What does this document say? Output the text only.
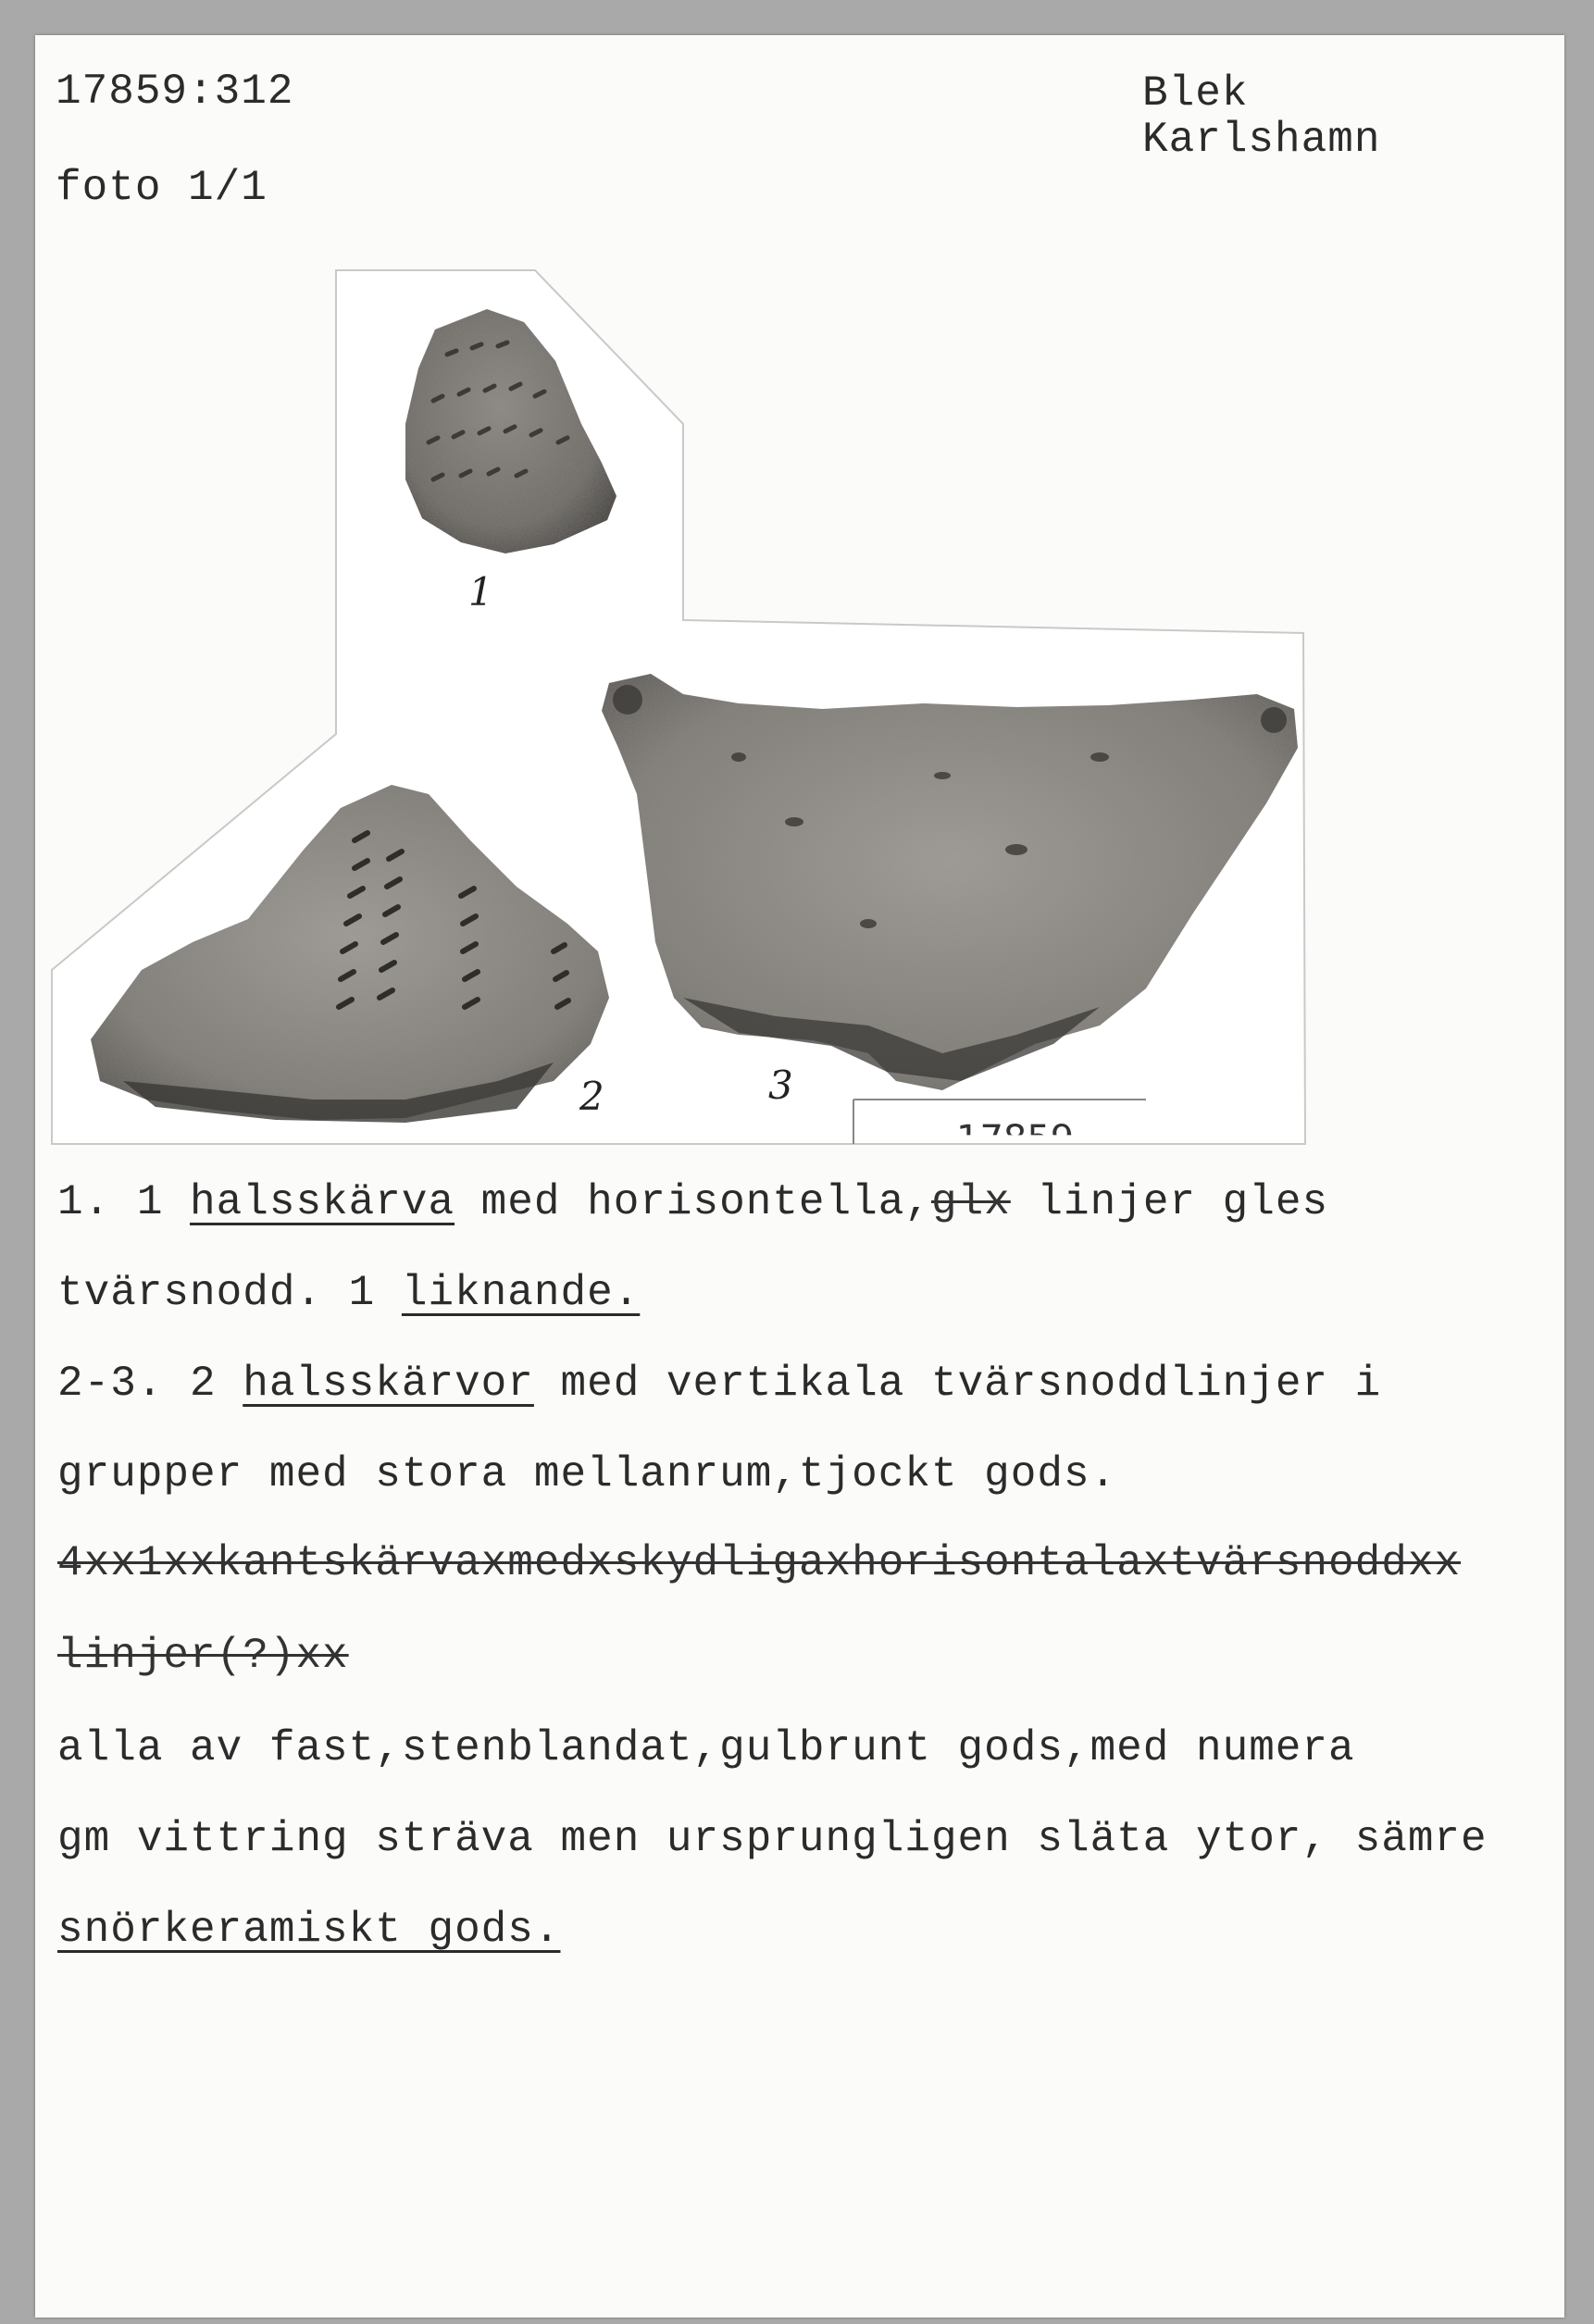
17859:312
foto 1/1
Blek
Karlshamn
1
2	3
1. 1 halsskärva med horisontella,glx linjer gles
tvärsnodd. 1 liknande.
2-3. 2 halsskärvor med vertikala tvärsnoddlinjer i
grupper med stora mellanrum,tjockt gods.
4xx1xxkantskärvaxmedxskydligaxhorisontalaxtvärsnoddxx
linjer(?)xx
alla av fast,stenblandat,gulbrunt gods,med numera
gm vittring sträva men ursprungligen släta ytor, sämre
snörkeramiskt gods.
